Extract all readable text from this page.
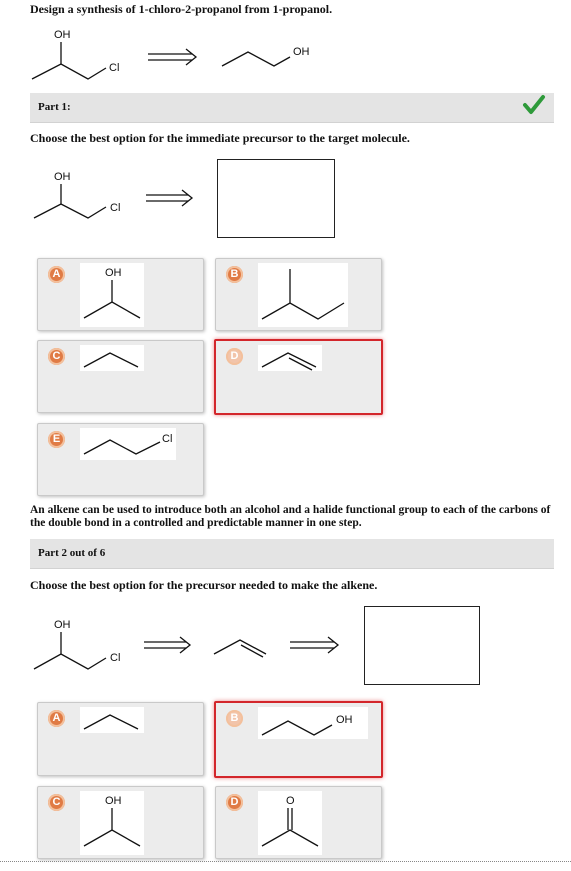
Design a synthesis of 1-chloro-2-propanol from 1-propanol.
OH
Cl
OH
Part 1:
Choose the best option for the immediate precursor to the target molecule.
OH
Cl
A	OH	B
C	D
E	Cl
An alkene can be used to introduce both an alcohol and a halide functional group to each of the carbons of the double bond in a controlled and predictable manner in one step.
Part 2 out of 6
Choose the best option for the precursor needed to make the alkene.
OH
Cl
A	B	OH
C	OH	D	O
